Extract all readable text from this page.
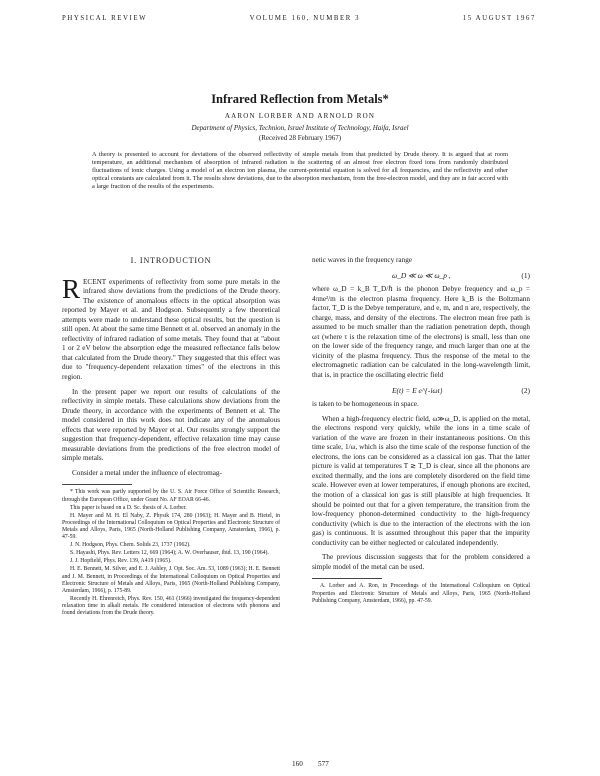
PHYSICAL REVIEW	VOLUME 160, NUMBER 3	15 AUGUST 1967
Infrared Reflection from Metals*
AARON LORBER AND ARNOLD RON
Department of Physics, Technion, Israel Institute of Technology, Haifa, Israel
(Received 28 February 1967)
A theory is presented to account for deviations of the observed reflectivity of simple metals from that predicted by Drude theory. It is argued that at room temperature, an additional mechanism of absorption of infrared radiation is the scattering of an almost free electron fixed ions from randomly distributed fluctuations of ionic charges. Using a model of an electron ion plasma, the current-potential equation is solved for all frequencies, and the reflectivity and other optical constants are calculated from it. The results show deviations, due to the absorption mechanism, from the free-electron model, and they are in fair accord with a large fraction of the results of the experiments.
I. INTRODUCTION

RECENT experiments of reflectivity from some pure metals in the infrared show deviations from the predictions of the Drude theory. The existence of anomalous effects in the optical absorption was reported by Mayer et al. and Hodgson. Subsequently a few theoretical attempts were made to understand these optical results, but the question is still open. At about the same time Bennett et al. observed an anomaly in the reflectivity of infrared radiation of some metals. They found that at "about 1 or 2 eV below the absorption edge the measured reflectance falls below that calculated from the Drude theory." They suggested that this effect was due to "frequency-dependent relaxation times" of the electrons in this region.

In the present paper we report our results of calculations of the reflectivity in simple metals. These calculations show deviations from the Drude theory, in accordance with the experiments of Bennett et al. The model considered in this work does not indicate any of the anomalous effects that were reported by Mayer et al. Our results strongly support the suggestion that frequency-dependent, effective relaxation time may cause measurable deviations from the predictions of the free electron model of simple metals.

Consider a metal under the influence of electromag-

* This work was partly supported by the U. S. Air Force Office of Scientific Research, through the European Office, under Grant No. AF EOAR 66-46.
This paper is based on a D. Sc. thesis of A. Lorber.
H. Mayer and M. H. El Naby, Z. Physik 174, 280 (1963); H. Mayer and B. Hietel, in Proceedings of the International Colloquium on Optical Properties and Electronic Structure of Metals and Alloys, Paris, 1965 (North-Holland Publishing Company, Amsterdam, 1966), p. 47-59.
J. N. Hodgson, Phys. Chem. Solids 23, 1737 (1962).
S. Hayashi, Phys. Rev. Letters 12, 669 (1964); A. W. Overhauser, ibid. 13, 190 (1964).
J. J. Hopfield, Phys. Rev. 139, A419 (1965).
H. E. Bennett, M. Silver, and E. J. Ashley, J. Opt. Soc. Am. 53, 1089 (1963); H. E. Bennett and J. M. Bennett, in Proceedings of the International Colloquium on Optical Properties and Electronic Structure of Metals and Alloys, Paris, 1965 (North-Holland Publishing Company, Amsterdam, 1966), p. 175-89.
Recently H. Ehrenreich, Phys. Rev. 150, 461 (1966) investigated the frequency-dependent relaxation time in alkali metals. He considered interaction of electrons with phonons and found deviations from the Drude theory.

netic waves in the frequency range

ω_D ≪ ω ≪ ω_p ,	(1)

where ω_D = k_B T_D/ℏ is the phonon Debye frequency and ω_p = 4πne²/m is the electron plasma frequency. Here k_B is the Boltzmann factor, T_D is the Debye temperature, and e, m, and n are, respectively, the charge, mass, and density of the electrons. The electron mean free path is assumed to be much smaller than the radiation penetration depth, though ωτ (where τ is the relaxation time of the electrons) is small, less than one on the lower side of the frequency range, and much larger than one at the vicinity of the plasma frequency. Thus the response of the metal to the electromagnetic radiation can be calculated in the long-wavelength limit, that is, in practice the oscillating electric field

E(t) = E e^{-iωt}	(2)

is taken to be homogeneous in space.

When a high-frequency electric field, ω≫ω_D, is applied on the metal, the electrons respond very quickly, while the ions in a time scale of variation of the wave are frozen in their instantaneous positions. On this time scale, 1/ω, which is also the time scale of the response function of the electrons, the ions can be considered as a classical ion gas. That the latter picture is valid at temperatures T ≳ T_D is clear, since all the phonons are excited thermally, and the ions are completely disordered on the field time scale. However even at lower temperatures, if enough phonons are excited, the motion of a classical ion gas is still plausible at high frequencies. It should be pointed out that for a given temperature, the transition from the low-frequency phonon-determined conductivity to the high-frequency conductivity (which is due to the interaction of the electrons with the ion gas) is continuous. It is assumed throughout this paper that the impurity conductivity can be either neglected or calculated independently.

The previous discussion suggests that for the problem considered a simple model of the metal can be used.

A. Lorber and A. Ron, in Proceedings of the International Colloquium on Optical Properties and Electronic Structure of Metals and Alloys, Paris, 1965 (North-Holland Publishing Company, Amsterdam, 1966), pp. 47-59.
160 577
